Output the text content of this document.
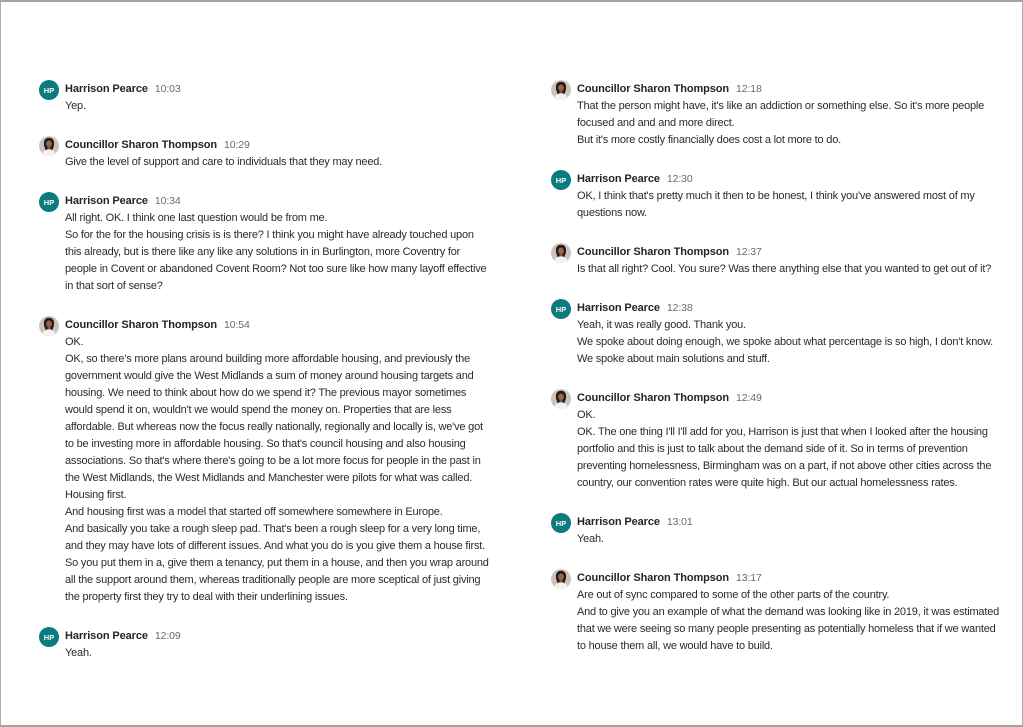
HP Harrison Pearce 10:03

Yep.

Councillor Sharon Thompson 10:29

Give the level of support and care to individuals that they may need.

HP Harrison Pearce 10:34

All right. OK. I think one last question would be from me.

So for the for the housing crisis is is there? I think you might have already touched upon this already, but is there like any like any solutions in in Burlington, more Coventry for people in Covent or abandoned Covent Room? Not too sure like how many layoff effective in that sort of sense?

Councillor Sharon Thompson 10:54

OK.

OK, so there's more plans around building more affordable housing, and previously the government would give the West Midlands a sum of money around housing targets and housing. We need to think about how do we spend it? The previous mayor sometimes would spend it on, wouldn't we would spend the money on. Properties that are less affordable. But whereas now the focus really nationally, regionally and locally is, we've got to be investing more in affordable housing. So that's council housing and also housing associations. So that's where there's going to be a lot more focus for people in the past in the West Midlands, the West Midlands and Manchester were pilots for what was called.

Housing first.

And housing first was a model that started off somewhere somewhere in Europe.

And basically you take a rough sleep pad. That's been a rough sleep for a very long time, and they may have lots of different issues. And what you do is you give them a house first. So you put them in a, give them a tenancy, put them in a house, and then you wrap around all the support around them, whereas traditionally people are more sceptical of just giving the property first they try to deal with their underlining issues.

HP Harrison Pearce 12:09

Yeah.

Councillor Sharon Thompson 12:18

That the person might have, it's like an addiction or something else. So it's more people focused and and and more direct.

But it's more costly financially does cost a lot more to do.

HP Harrison Pearce 12:30

OK, I think that's pretty much it then to be honest, I think you've answered most of my questions now.

Councillor Sharon Thompson 12:37

Is that all right? Cool. You sure? Was there anything else that you wanted to get out of it?

HP Harrison Pearce 12:38

Yeah, it was really good. Thank you.

We spoke about doing enough, we spoke about what percentage is so high, I don't know. We spoke about main solutions and stuff.

Councillor Sharon Thompson 12:49

OK.

OK. The one thing I'll I'll add for you, Harrison is just that when I looked after the housing portfolio and this is just to talk about the demand side of it. So in terms of prevention preventing homelessness, Birmingham was on a part, if not above other cities across the country, our convention rates were quite high. But our actual homelessness rates.

HP Harrison Pearce 13:01

Yeah.

Councillor Sharon Thompson 13:17

Are out of sync compared to some of the other parts of the country.

And to give you an example of what the demand was looking like in 2019, it was estimated that we were seeing so many people presenting as potentially homeless that if we wanted to house them all, we would have to build.
